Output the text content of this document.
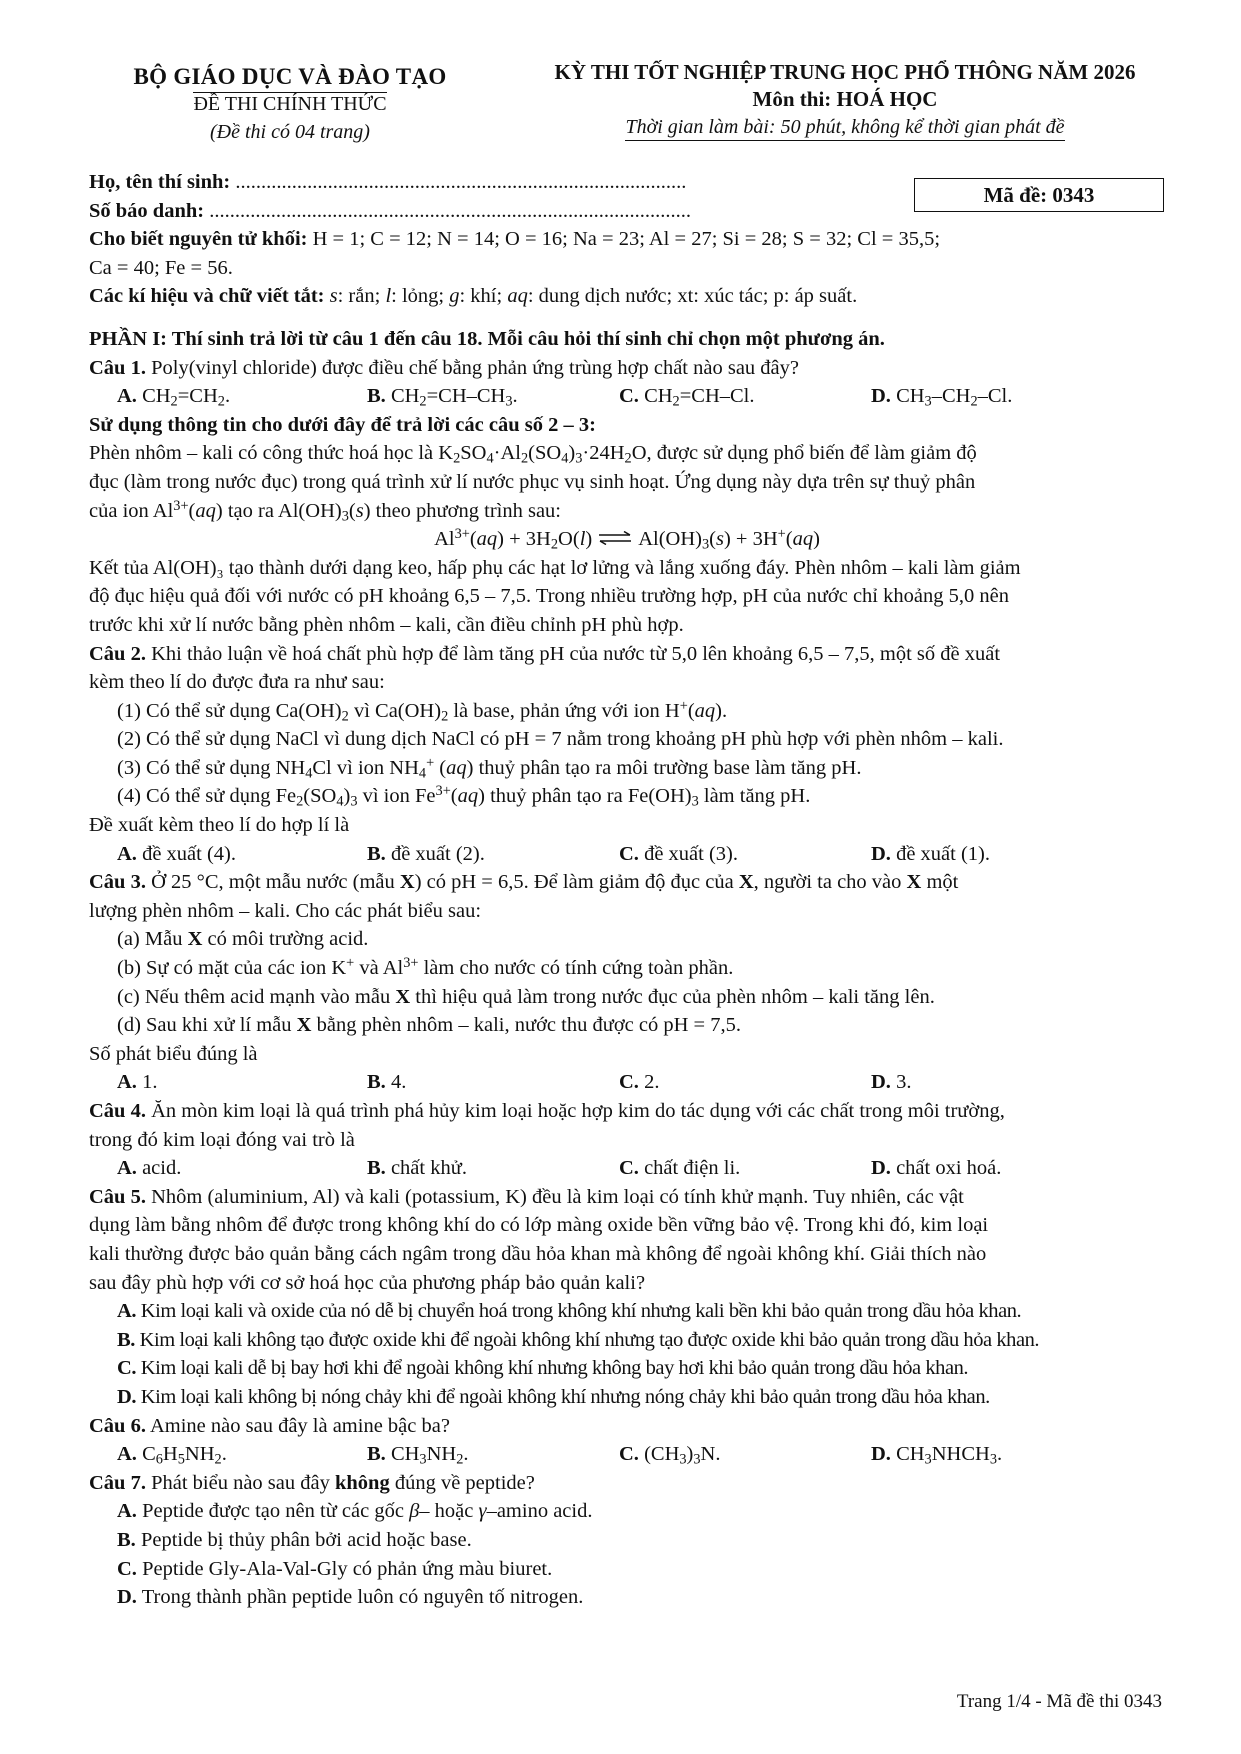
BỘ GIÁO DỤC VÀ ĐÀO TẠO
ĐỀ THI CHÍNH THỨC
(Đề thi có 04 trang)
KỲ THI TỐT NGHIỆP TRUNG HỌC PHỔ THÔNG NĂM 2026
Môn thi: HOÁ HỌC
Thời gian làm bài: 50 phút, không kể thời gian phát đề
Mã đề: 0343
Họ, tên thí sinh: ........................................................................................
Số báo danh: ..............................................................................................
Cho biết nguyên tử khối: H = 1; C = 12; N = 14; O = 16; Na = 23; Al = 27; Si = 28; S = 32; Cl = 35,5;
Ca = 40; Fe = 56.
Các kí hiệu và chữ viết tắt: s: rắn; l: lỏng; g: khí; aq: dung dịch nước; xt: xúc tác; p: áp suất.
PHẦN I: Thí sinh trả lời từ câu 1 đến câu 18. Mỗi câu hỏi thí sinh chỉ chọn một phương án.
Câu 1. Poly(vinyl chloride) được điều chế bằng phản ứng trùng hợp chất nào sau đây?
A. $CH_2=CH_2$.	B. $CH_2=CH-CH_3$.	C. $CH_2=CH-Cl$.	D. $CH_3-CH_2-Cl$.
Sử dụng thông tin cho dưới đây để trả lời các câu số 2 – 3:
Phèn nhôm – kali có công thức hoá học là $K_2SO_4\cdot Al_2(SO_4)_3\cdot 24H_2O$, được sử dụng phổ biến để làm giảm độ
đục (làm trong nước đục) trong quá trình xử lí nước phục vụ sinh hoạt. Ứng dụng này dựa trên sự thuỷ phân
của ion $Al^{3+}(aq)$ tạo ra $Al(OH)_3(s)$ theo phương trình sau:
$Al^{3+}(aq) + 3H_2O(l)$ ⇌ $Al(OH)_3(s) + 3H^+(aq)$
Kết tủa Al(OH)₃ tạo thành dưới dạng keo, hấp phụ các hạt lơ lửng và lắng xuống đáy. Phèn nhôm – kali làm giảm
độ đục hiệu quả đối với nước có pH khoảng 6,5 – 7,5. Trong nhiều trường hợp, pH của nước chỉ khoảng 5,0 nên
trước khi xử lí nước bằng phèn nhôm – kali, cần điều chỉnh pH phù hợp.
Câu 2. Khi thảo luận về hoá chất phù hợp để làm tăng pH của nước từ 5,0 lên khoảng 6,5 – 7,5, một số đề xuất
kèm theo lí do được đưa ra như sau:
(1) Có thể sử dụng $Ca(OH)_2$ vì $Ca(OH)_2$ là base, phản ứng với ion H+(aq).
(2) Có thể sử dụng NaCl vì dung dịch NaCl có pH = 7 nằm trong khoảng pH phù hợp với phèn nhôm – kali.
(3) Có thể sử dụng $NH_4Cl$ vì ion $NH_4^+$ (aq) thuỷ phân tạo ra môi trường base làm tăng pH.
(4) Có thể sử dụng $Fe_2(SO_4)_3$ vì ion $Fe^{3+}(aq)$ thuỷ phân tạo ra $Fe(OH)_3$ làm tăng pH.
Đề xuất kèm theo lí do hợp lí là
A. đề xuất (4).	B. đề xuất (2).	C. đề xuất (3).	D. đề xuất (1).
Câu 3. Ở 25 °C, một mẫu nước (mẫu X) có pH = 6,5. Để làm giảm độ đục của X, người ta cho vào X một
lượng phèn nhôm – kali. Cho các phát biểu sau:
(a) Mẫu X có môi trường acid.
(b) Sự có mặt của các ion K+ và $Al^{3+}$ làm cho nước có tính cứng toàn phần.
(c) Nếu thêm acid mạnh vào mẫu X thì hiệu quả làm trong nước đục của phèn nhôm – kali tăng lên.
(d) Sau khi xử lí mẫu X bằng phèn nhôm – kali, nước thu được có pH = 7,5.
Số phát biểu đúng là
A. 1.	B. 4.	C. 2.	D. 3.
Câu 4. Ăn mòn kim loại là quá trình phá hủy kim loại hoặc hợp kim do tác dụng với các chất trong môi trường,
trong đó kim loại đóng vai trò là
A. acid.	B. chất khử.	C. chất điện li.	D. chất oxi hoá.
Câu 5. Nhôm (aluminium, Al) và kali (potassium, K) đều là kim loại có tính khử mạnh. Tuy nhiên, các vật
dụng làm bằng nhôm để được trong không khí do có lớp màng oxide bền vững bảo vệ. Trong khi đó, kim loại
kali thường được bảo quản bằng cách ngâm trong dầu hỏa khan mà không để ngoài không khí. Giải thích nào
sau đây phù hợp với cơ sở hoá học của phương pháp bảo quản kali?
A. Kim loại kali và oxide của nó dễ bị chuyển hoá trong không khí nhưng kali bền khi bảo quản trong dầu hỏa khan.
B. Kim loại kali không tạo được oxide khi để ngoài không khí nhưng tạo được oxide khi bảo quản trong dầu hỏa khan.
C. Kim loại kali dễ bị bay hơi khi để ngoài không khí nhưng không bay hơi khi bảo quản trong dầu hỏa khan.
D. Kim loại kali không bị nóng chảy khi để ngoài không khí nhưng nóng chảy khi bảo quản trong dầu hỏa khan.
Câu 6. Amine nào sau đây là amine bậc ba?
A. $C_6H_5NH_2$.	B. $CH_3NH_2$.	C. $(CH_3)_3N$.	D. $CH_3NHCH_3$.
Câu 7. Phát biểu nào sau đây không đúng về peptide?
A. Peptide được tạo nên từ các gốc β– hoặc γ–amino acid.
B. Peptide bị thủy phân bởi acid hoặc base.
C. Peptide Gly-Ala-Val-Gly có phản ứng màu biuret.
D. Trong thành phần peptide luôn có nguyên tố nitrogen.
Trang 1/4 - Mã đề thi 0343
